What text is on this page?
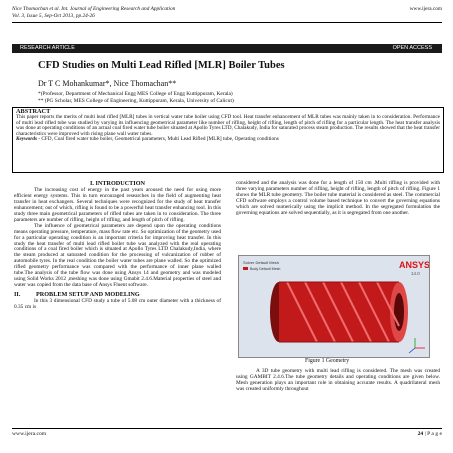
Nice Thomachan et al. Int. Journal of Engineering Research and Application
Vol. 3, Issue 5, Sep-Oct 2013, pp.24-26
www.ijera.com
RESEARCH ARTICLE	OPEN ACCESS
CFD Studies on Multi Lead Rifled [MLR] Boiler Tubes
Dr T C Mohankumar*, Nice Thomachan**
*(Professor, Department of Mechanical Engg MES College of Engg Kuttippuram, Kerala)
** (PG Scholar, MES College of Engineering, Kuttippuram, Kerala, University of Calicut)
ABSTRACT
This paper reports the merits of multi lead rifled [MLR] tubes in vertical water tube boiler using CFD tool. Heat transfer enhancement of MLR tubes was mainly taken in to consideration. Performance of multi lead rifled tube was studied by varying its influencing geometrical parameter like number of rifling, height of rifling, length of pitch of rifling for a particular length. The heat transfer analysis was done at operating conditions of an actual coal fired water tube boiler situated at Apollo Tyres LTD, Chalakudy, India for saturated process steam production. The results showed that the heat transfer characteristics were improved with rising plane wall water tubes.
Keywords - CFD, Coal fired water tube boiler, Geometrical parameters, Multi Lead Rifled [MLR] tube, Operating conditions
I. INTRODUCTION

The increasing cost of energy in the past years aroused the need for using more efficient energy systems. This in turn encouraged researches in the field of augmenting heat transfer in heat exchangers. Several techniques were recognized for the study of heat transfer enhancement; out of which, rifling is found to be a powerful heat transfer enhancing tool. In this study three main geometrical parameters of rifled tubes are taken in to consideration. The three parameters are number of rifling, height of rifling, and length of pitch of rifling.

The influence of geometrical parameters are depend upon the operating conditions means operating pressure, temperature, mass flow rate etc. So optimization of the geometry used for a particular operating condition is an important criteria for improving heat transfer. In this study the heat transfer of multi lead rifled boiler tube was analyzed with the real operating conditions of a coal fired boiler which is situated at Apollo Tyres LTD Chalakudy,India, where the steam produced at saturated condition for the processing of vulcanization of rubber of automobile tyres. In the real condition the boiler water tubes are plane walled. So the optimized rifled geometry performance was compared with the performance of inner plane walled tube.The analysis of the tube flow was done using Ansys 14 and geometry and was modeled using Solid Works 2012 ,meshing was done using Gmabit 2.4.6.Material properties of steel and water was copied from the data base of Ansys Fluent software.

II.	PROBLEM SETUP AND MODELING

In this 3 dimensional CFD study a tube of 5.08 cm outer diameter with a thickness of 0.35 cm is

considered and the analysis was done for a length of 150 cm .Multi rifling is provided with three varying parameters number of rifling, height of rifling, length of pitch of rifling. Figure 1 shows the MLR tube geometry. The boiler tube material is considered as steel. The commercial CFD software employs a control volume based technique to convert the governing equations which are solved numerically using the implicit method. In the segregated formulation the governing equations are solved sequentially, as it is segregated from one another.

Solver Default Mesh
Body Default Mesh	ANSYS
14.0
Figure 1 Geometry

A 3D tube geometry with multi lead rifling is considered. The mesh was created using GAMBIT 2.4.6.The tube geometry details and operating conditions are given below. Mesh generation plays an important role in obtaining accurate results. A quadrilateral mesh was created uniformly throughout

www.ijera.com	24 | P a g e
